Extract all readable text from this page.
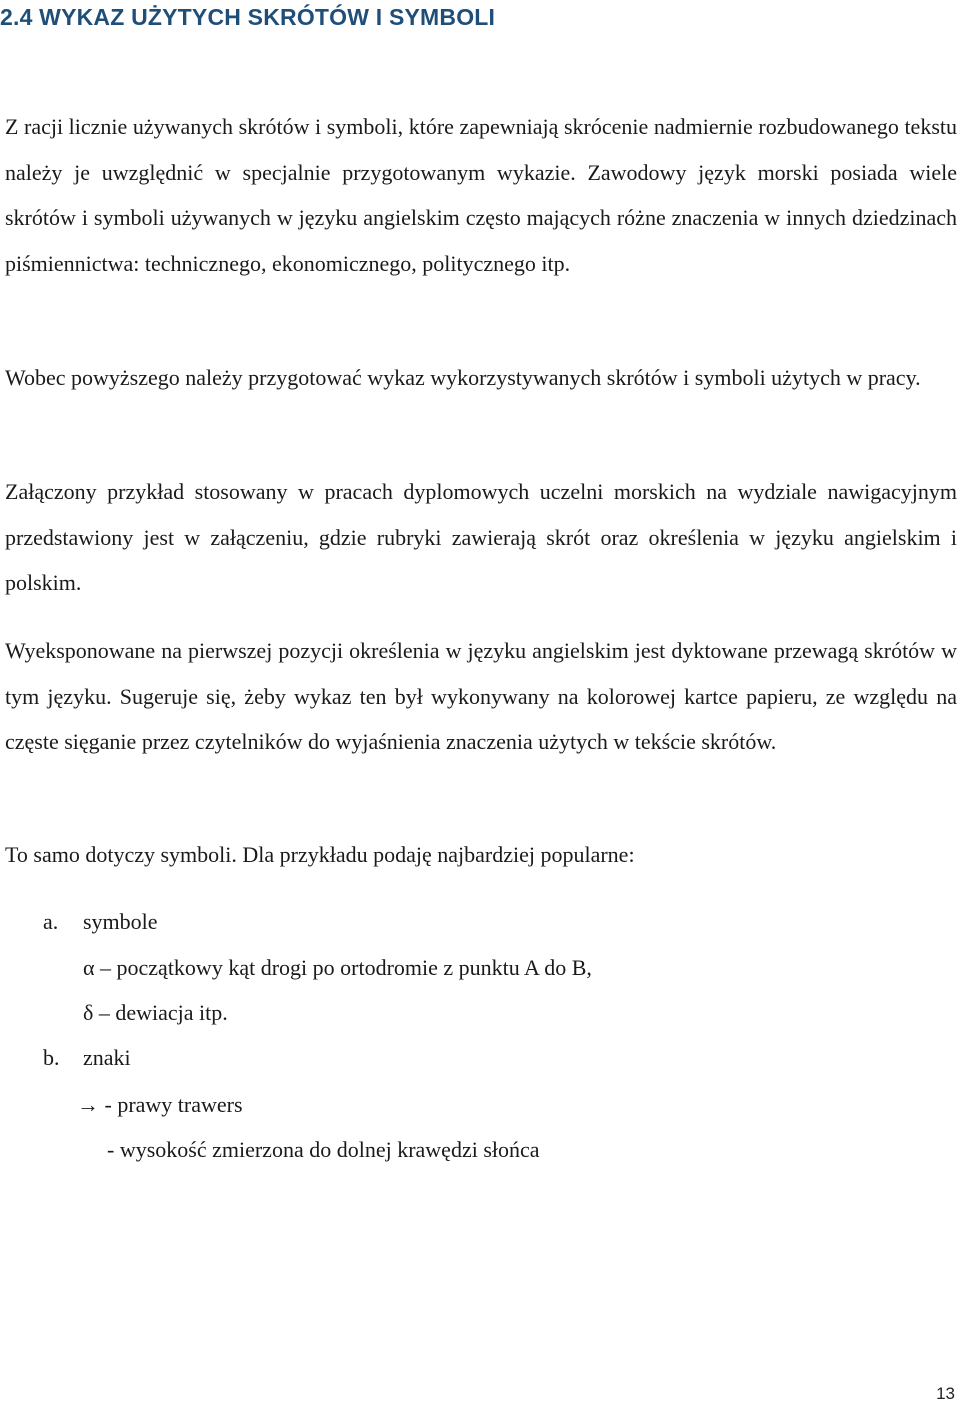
2.4 WYKAZ UŻYTYCH SKRÓTÓW I SYMBOLI

Z racji licznie używanych skrótów i symboli, które zapewniają skrócenie nadmiernie rozbudowanego tekstu należy je uwzględnić w specjalnie przygotowanym wykazie. Zawodowy język morski posiada wiele skrótów i symboli używanych w języku angielskim często mających różne znaczenia w innych dziedzinach piśmiennictwa: technicznego, ekonomicznego, politycznego itp.

Wobec powyższego należy przygotować wykaz wykorzystywanych skrótów i symboli użytych w pracy.

Załączony przykład stosowany w pracach dyplomowych uczelni morskich na wydziale nawigacyjnym przedstawiony jest w załączeniu, gdzie rubryki zawierają skrót oraz określenia w języku angielskim i polskim.

Wyeksponowane na pierwszej pozycji określenia w języku angielskim jest dyktowane przewagą skrótów w tym języku. Sugeruje się, żeby wykaz ten był wykonywany na kolorowej kartce papieru, ze względu na częste sięganie przez czytelników do wyjaśnienia znaczenia użytych w tekście skrótów.

To samo dotyczy symboli. Dla przykładu podaję najbardziej popularne:

a. symbole
α – początkowy kąt drogi po ortodromie z punktu A do B,
δ – dewiacja itp.
b. znaki
→ - prawy trawers
- wysokość zmierzona do dolnej krawędzi słońca
13
